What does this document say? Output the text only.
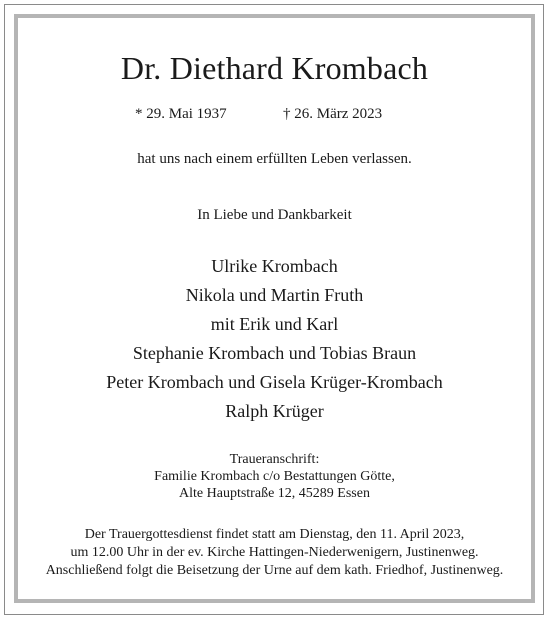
Dr. Diethard Krombach
* 29. Mai 1937	† 26. März 2023
hat uns nach einem erfüllten Leben verlassen.
In Liebe und Dankbarkeit
Ulrike Krombach
Nikola und Martin Fruth
mit Erik und Karl
Stephanie Krombach und Tobias Braun
Peter Krombach und Gisela Krüger-Krombach
Ralph Krüger
Traueranschrift:
Familie Krombach c/o Bestattungen Götte,
Alte Hauptstraße 12, 45289 Essen
Der Trauergottesdienst findet statt am Dienstag, den 11. April 2023,
um 12.00 Uhr in der ev. Kirche Hattingen-Niederwenigern, Justinenweg.
Anschließend folgt die Beisetzung der Urne auf dem kath. Friedhof, Justinenweg.
